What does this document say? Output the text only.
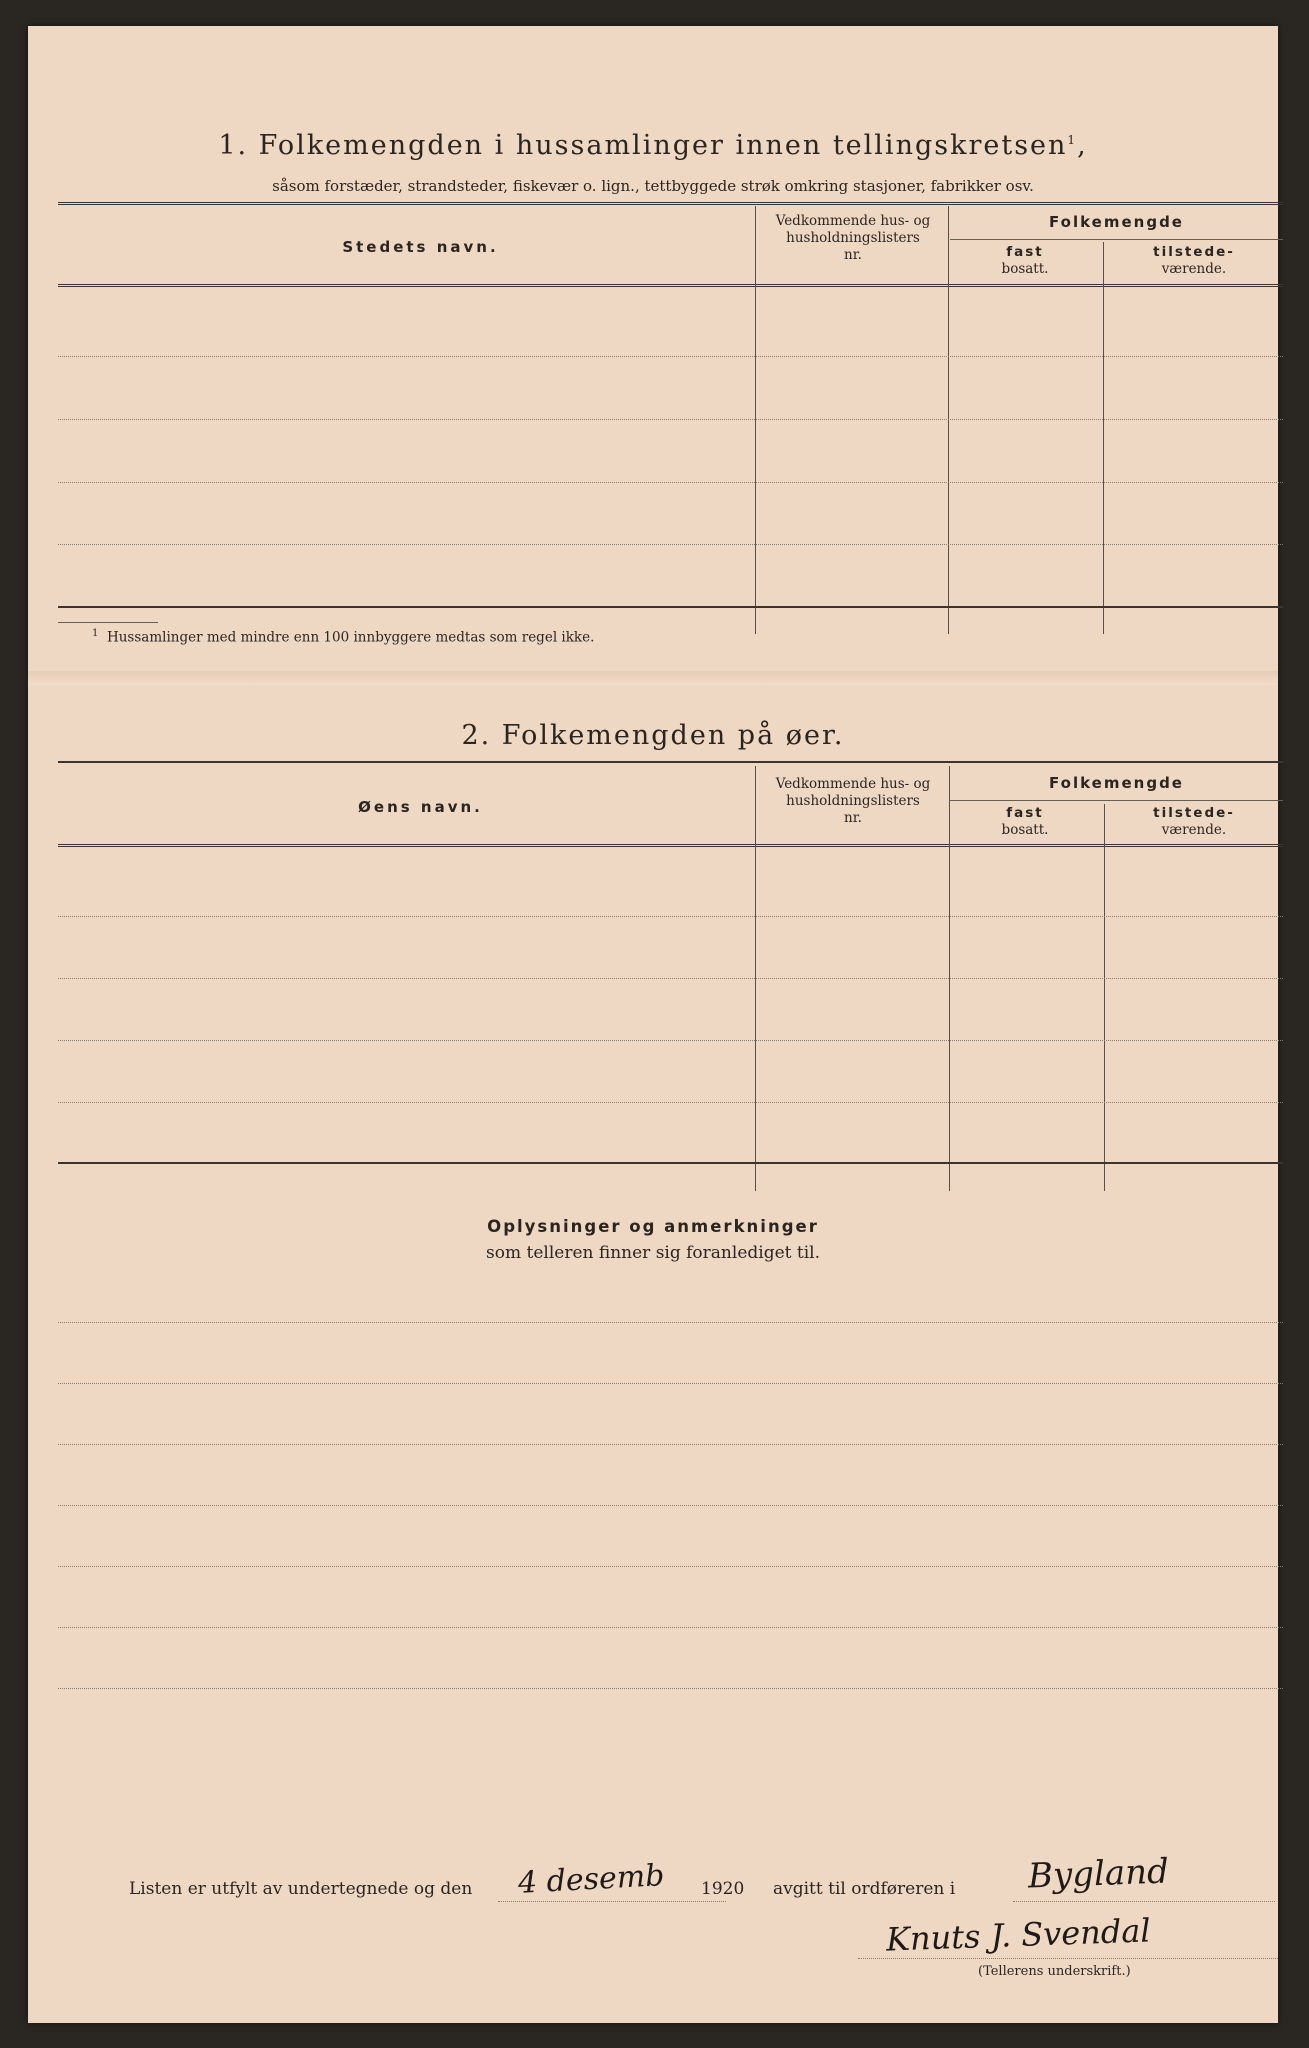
1. Folkemengden i hussamlinger innen tellingskretsen$^1$,
såsom forstæder, strandsteder, fiskevær o. lign., tettbyggede strøk omkring stasjoner, fabrikker osv.
Stedets navn.
Vedkommende hus- og
husholdningslisters
nr.
Folkemengde
fast
bosatt.
tilstede-
værende.
$^1$ Hussamlinger med mindre enn 100 innbyggere medtas som regel ikke.
2. Folkemengden på øer.
Øens navn.
Vedkommende hus- og
husholdningslisters
nr.
Folkemengde
fast
bosatt.
tilstede-
værende.
Oplysninger og anmerkninger
som telleren finner sig foranlediget til.
Listen er utfylt av undertegnede og den 4 desemb 1920 avgitt til ordføreren i Bygland
Knuts J. Svendal
(Tellerens underskrift.)
